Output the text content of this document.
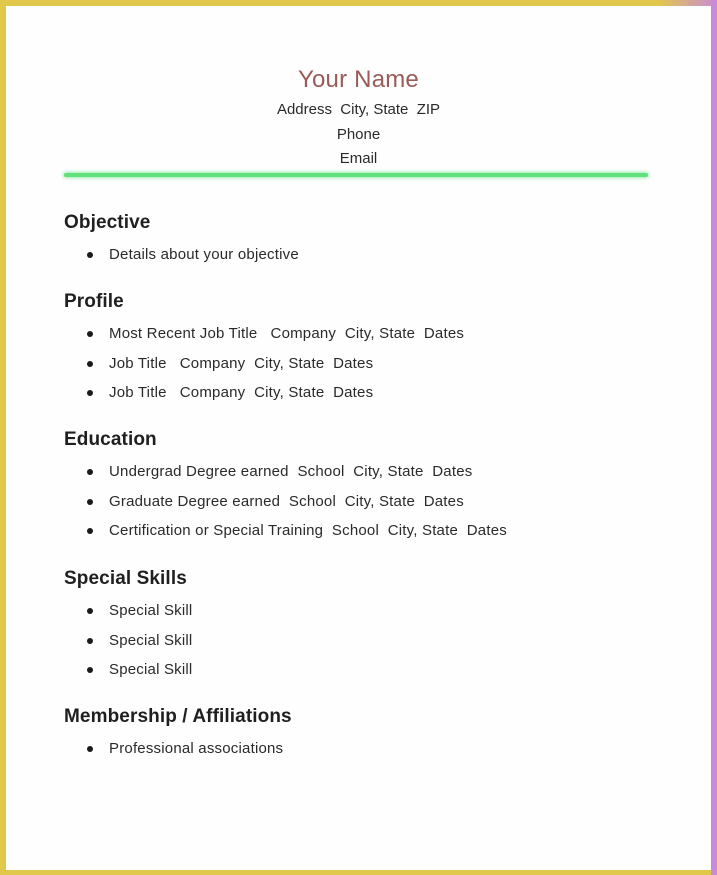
Your Name
Address  City, State  ZIP
Phone
Email
Objective
Details about your objective
Profile
Most Recent Job Title   Company  City, State  Dates
Job Title   Company  City, State  Dates
Job Title   Company  City, State  Dates
Education
Undergrad Degree earned  School  City, State  Dates
Graduate Degree earned  School  City, State  Dates
Certification or Special Training  School  City, State  Dates
Special Skills
Special Skill
Special Skill
Special Skill
Membership / Affiliations
Professional associations
